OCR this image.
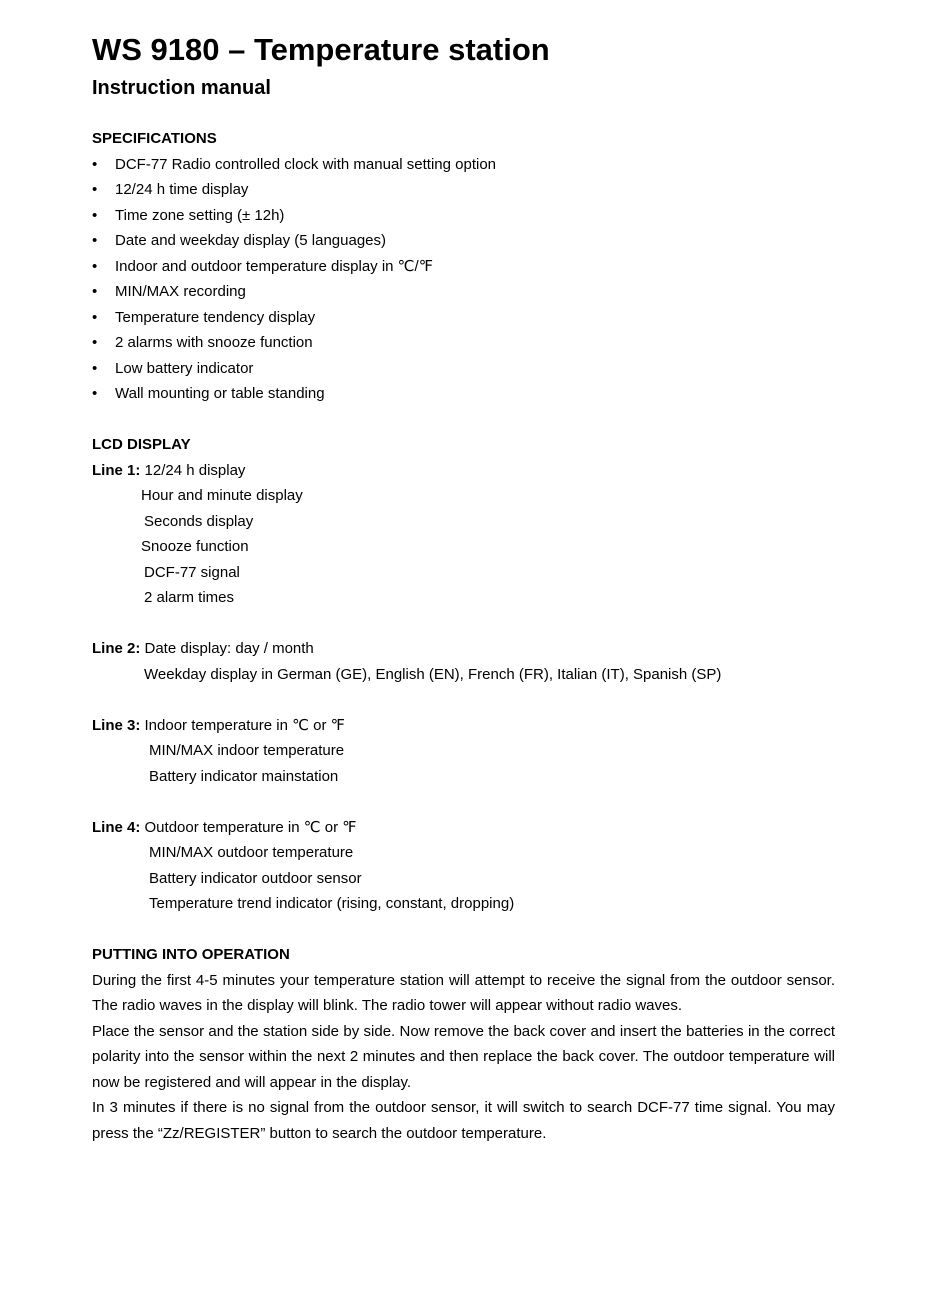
WS 9180 – Temperature station
Instruction manual
SPECIFICATIONS
•	DCF-77 Radio controlled clock with manual setting option
•	12/24 h time display
•	Time zone setting (± 12h)
•	Date and weekday display (5 languages)
•	Indoor and outdoor temperature display in ℃/℉
•	MIN/MAX recording
•	Temperature tendency display
•	2 alarms with snooze function
•	Low battery indicator
•	Wall mounting or table standing
LCD DISPLAY
Line 1: 12/24 h display
Hour and minute display
Seconds display
Snooze function
DCF-77 signal
2 alarm times
Line 2: Date display: day / month
Weekday display in German (GE), English (EN), French (FR), Italian (IT), Spanish (SP)
Line 3: Indoor temperature in ℃ or ℉
MIN/MAX indoor temperature
Battery indicator mainstation
Line 4: Outdoor temperature in ℃ or ℉
MIN/MAX outdoor temperature
Battery indicator outdoor sensor
Temperature trend indicator (rising, constant, dropping)
PUTTING INTO OPERATION

During the first 4-5 minutes your temperature station will attempt to receive the signal from the outdoor sensor. The radio waves in the display will blink. The radio tower will appear without radio waves.

Place the sensor and the station side by side. Now remove the back cover and insert the batteries in the correct polarity into the sensor within the next 2 minutes and then replace the back cover. The outdoor temperature will now be registered and will appear in the display.

In 3 minutes if there is no signal from the outdoor sensor, it will switch to search DCF-77 time signal. You may press the “Zz/REGISTER” button to search the outdoor temperature.
